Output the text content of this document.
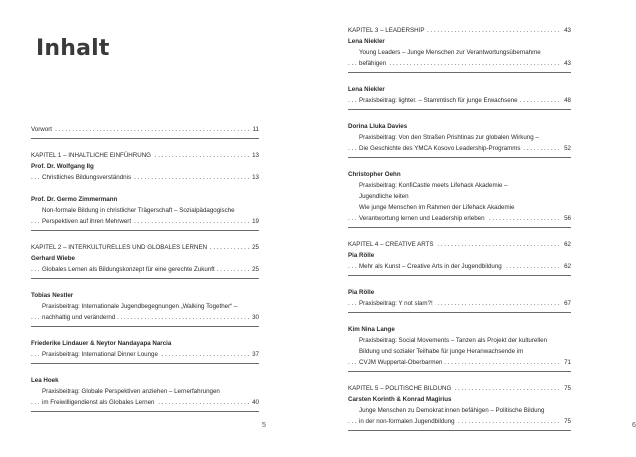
Inhalt
Vorwort	11
. . .
KAPITEL 1 – INHALTLICHE EINFÜHRUNG	13
. . .
Prof. Dr. Wolfgang Ilg
Christliches Bildungsverständnis	13
. . .
Prof. Dr. Germo Zimmermann
Non-formale Bildung in christlicher Trägerschaft – Sozialpädagogische
Perspektiven auf ihren Mehrwert	19
. . .
KAPITEL 2 – INTERKULTURELLES UND GLOBALES LERNEN	25
. . .
Gerhard Wiebe
Globales Lernen als Bildungskonzept für eine gerechte Zukunft	25
. . .
Tobias Nestler
Praxisbeitrag: Internationale Jugendbegegnungen „Walking Together“ –
nachhaltig und verändernd	30
. . .
Friederike Lindauer & Neytor Nandayapa Narcia
Praxisbeitrag: International Dinner Lounge	37
. . .
Lea Hoek
Praxisbeitrag: Globale Perspektiven anziehen – Lernerfahrungen
im Freiwilligendienst als Globales Lernen	40
. . .
5
KAPITEL 3 – LEADERSHIP	43
. . .
Lena Niekler
Young Leaders – Junge Menschen zur Verantwortungsübernahme
befähigen	43
. . .
Lena Niekler
Praxisbeitrag: lighter. – Stammtisch für junge Erwachsene	48
. . .
Dorina Lluka Davies
Praxisbeitrag: Von den Straßen Prishtinas zur globalen Wirkung –
Die Geschichte des YMCA Kosovo Leadership-Programms	52
. . .
Christopher Oehn
Praxisbeitrag: KonfiCastle meets Lifehack Akademie –
Jugendliche leiten
Wie junge Menschen im Rahmen der Lifehack Akademie
Verantwortung lernen und Leadership erleben	56
. . .
KAPITEL 4 – CREATIVE ARTS	62
. . .
Pia Rölle
Mehr als Kunst – Creative Arts in der Jugendbildung	62
. . .
Pia Rölle
Praxisbeitrag: Y not slam?!	67
. . .
Kim Nina Lange
Praxisbeitrag: Social Movements – Tanzen als Projekt der kulturellen
Bildung und sozialer Teilhabe für junge Heranwachsende im
CVJM Wuppertal-Oberbarmen	71
. . .
KAPITEL 5 – POLITISCHE BILDUNG	75
. . .
Carsten Korinth & Konrad Magirius
Junge Menschen zu Demokrat:innen befähigen – Politische Bildung
in der non-formalen Jugendbildung	75
. . .
6
